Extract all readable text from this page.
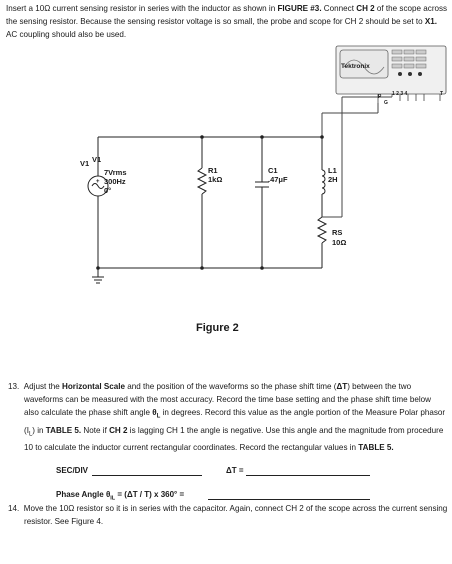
Insert a 10Ω current sensing resistor in series with the inductor as shown in FIGURE #3. Connect CH 2 of the scope across the sensing resistor. Because the sensing resistor voltage is so small, the probe and scope for CH 2 should be set to X1. AC coupling should also be used.
V1
7Vrms
300Hz
0°
+
V1
R1
1kΩ
C1
.47μF
L1
2H
RS
10Ω
Tektronix
1 2 3 4
P
G
T
Figure 2
13. Adjust the Horizontal Scale and the position of the waveforms so the phase shift time (ΔT) between the two waveforms can be measured with the most accuracy. Record the time base setting and the phase shift time below also calculate the phase shift angle $\theta_L$ in degrees. Record this value as the angle portion of the Measure Polar phasor $(I_L)$ in TABLE 5. Note if CH 2 is lagging CH 1 the angle is negative. Use this angle and the magnitude from procedure 10 to calculate the inductor current rectangular coordinates. Record the rectangular values in TABLE 5.
SEC/DIV	ΔT =
Phase Angle $\theta_{IL} = (\Delta T / T)$ x 360° =
14. Move the 10Ω resistor so it is in series with the capacitor. Again, connect CH 2 of the scope across the current sensing resistor. See Figure 4.
